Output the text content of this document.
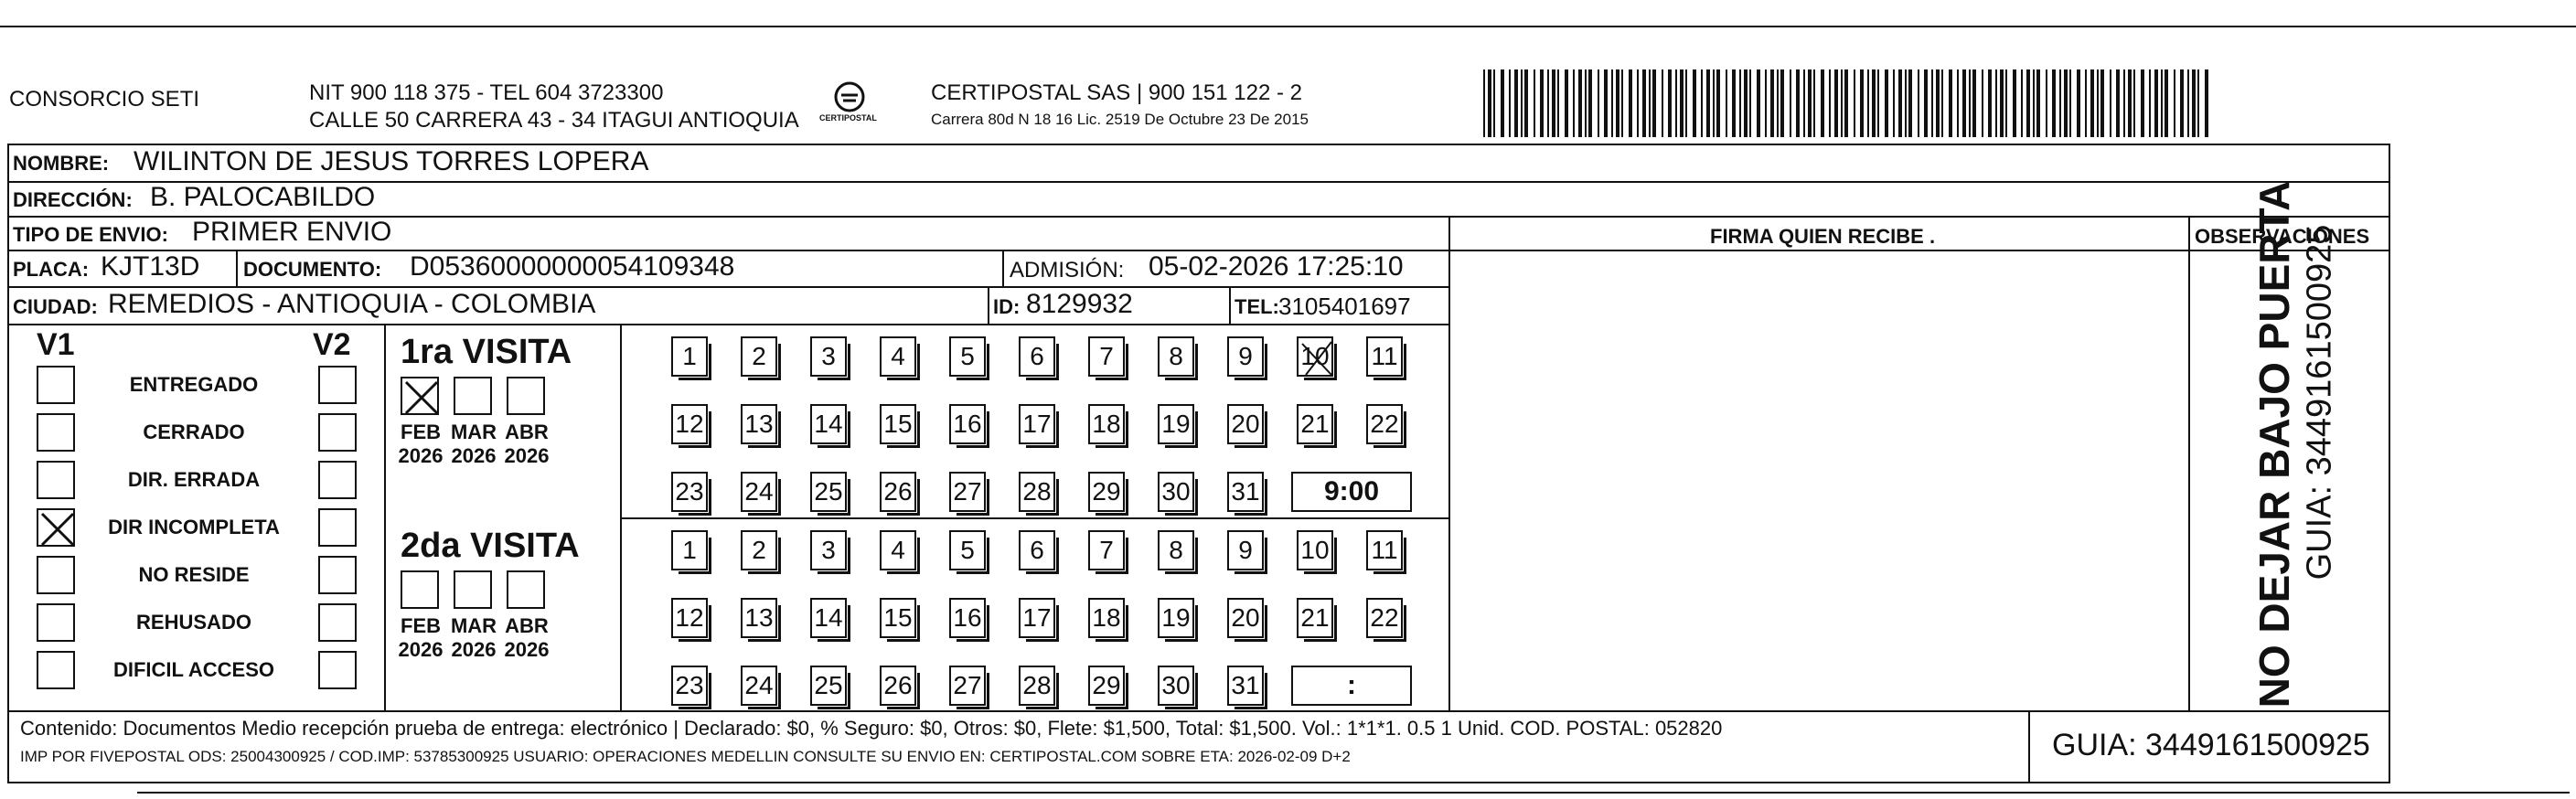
CONSORCIO SETI	NIT 900 118 375 - TEL 604 3723300
CALLE 50 CARRERA 43 - 34 ITAGUI ANTIOQUIA CERTIPOSTAL
CERTIPOSTAL SAS | 900 151 122 - 2
Carrera 80d N 18 16 Lic. 2519 De Octubre 23 De 2015
NOMBRE: WILINTON DE JESUS TORRES LOPERA
DIRECCIÓN: B. PALOCABILDO
TIPO DE ENVIO: PRIMER ENVIO	FIRMA QUIEN RECIBE .	OBSERVACIONES
PLACA: KJT13D DOCUMENTO: D05360000000054109348	ADMISIÓN: 05-02-2026 17:25:10
CIUDAD: REMEDIOS - ANTIOQUIA - COLOMBIA	ID: 8129932	TEL: 3105401697
V1	V2 1ra VISITA
2da VISITA
Contenido: Documentos Medio recepción prueba de entrega: electrónico | Declarado: $0, % Seguro: $0, Otros: $0, Flete: $1,500, Total: $1,500. Vol.: 1*1*1. 0.5 1 Unid. COD. POSTAL: 052820
IMP POR FIVEPOSTAL ODS: 25004300925 / COD.IMP: 53785300925 USUARIO: OPERACIONES MEDELLIN CONSULTE SU ENVIO EN: CERTIPOSTAL.COM SOBRE ETA: 2026-02-09 D+2	GUIA: 3449161500925
NO DEJAR BAJO PUERTA GUIA: 3449161500925
ENTREGADO
CERRADO
DIR. ERRADA
DIR INCOMPLETA
NO RESIDE
REHUSADO
DIFICIL ACCESO
FEB
2026
MAR
2026
ABR
2026
1 2 3 4 5 6 7 8 9 10 11
12 13 14 15 16 17 18 19 20 21 22
23 24 25 26 27 28 29 30 31	9:00
FEB
2026
MAR
2026
ABR
2026
1 2 3 4 5 6 7 8 9 10 11
12 13 14 15 16 17 18 19 20 21 22
23 24 25 26 27 28 29 30 31	:
